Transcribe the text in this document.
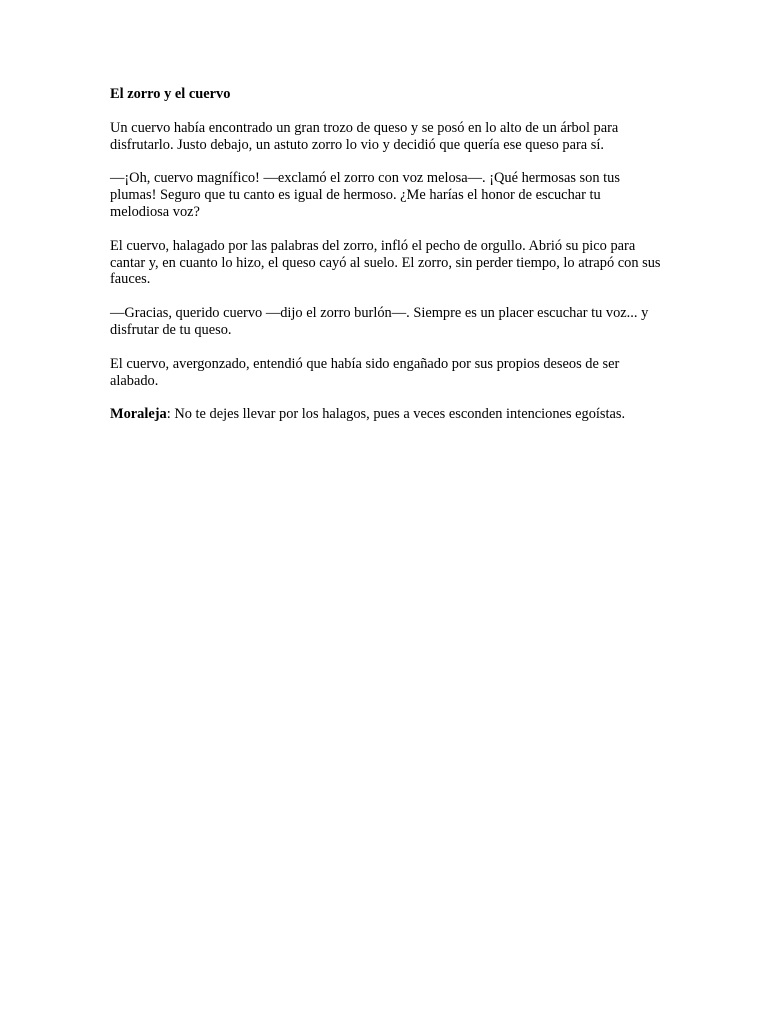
El zorro y el cuervo

Un cuervo había encontrado un gran trozo de queso y se posó en lo alto de un árbol para disfrutarlo. Justo debajo, un astuto zorro lo vio y decidió que quería ese queso para sí.

—¡Oh, cuervo magnífico! —exclamó el zorro con voz melosa—. ¡Qué hermosas son tus plumas! Seguro que tu canto es igual de hermoso. ¿Me harías el honor de escuchar tu melodiosa voz?

El cuervo, halagado por las palabras del zorro, infló el pecho de orgullo. Abrió su pico para cantar y, en cuanto lo hizo, el queso cayó al suelo. El zorro, sin perder tiempo, lo atrapó con sus fauces.

—Gracias, querido cuervo —dijo el zorro burlón—. Siempre es un placer escuchar tu voz... y disfrutar de tu queso.

El cuervo, avergonzado, entendió que había sido engañado por sus propios deseos de ser alabado.

Moraleja: No te dejes llevar por los halagos, pues a veces esconden intenciones egoístas.
